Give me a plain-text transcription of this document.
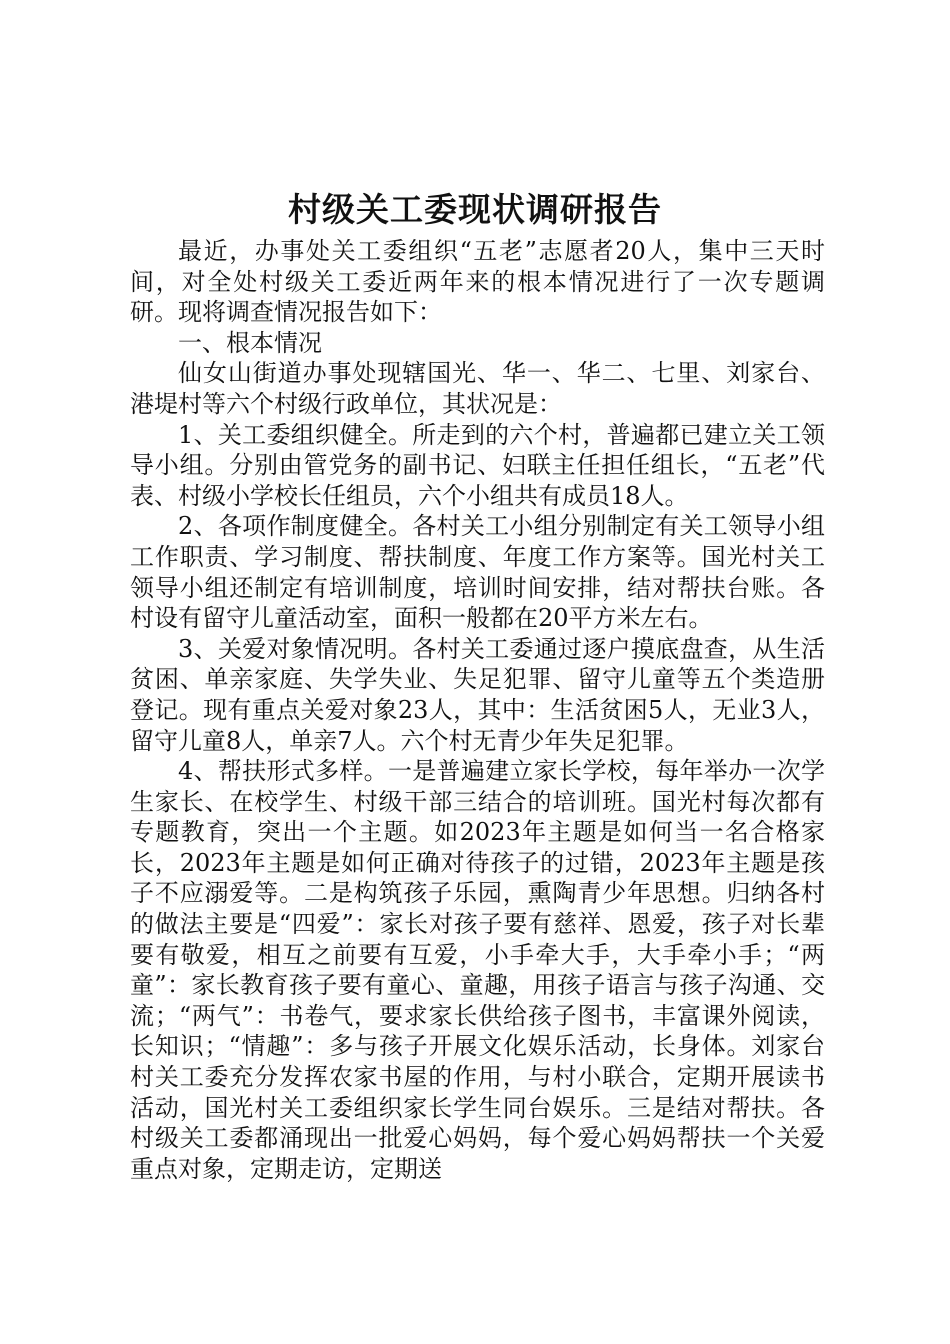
村级关工委现状调研报告

最近，办事处关工委组织“五老”志愿者20人，集中三天时间，对全处村级关工委近两年来的根本情况进行了一次专题调研。现将调查情况报告如下：

一、根本情况

仙女山街道办事处现辖国光、华一、华二、七里、刘家台、港堤村等六个村级行政单位，其状况是：

1、关工委组织健全。所走到的六个村，普遍都已建立关工领导小组。分别由管党务的副书记、妇联主任担任组长，“五老”代表、村级小学校长任组员，六个小组共有成员18人。

2、各项作制度健全。各村关工小组分别制定有关工领导小组工作职责、学习制度、帮扶制度、年度工作方案等。国光村关工领导小组还制定有培训制度，培训时间安排，结对帮扶台账。各村设有留守儿童活动室，面积一般都在20平方米左右。

3、关爱对象情况明。各村关工委通过逐户摸底盘查，从生活贫困、单亲家庭、失学失业、失足犯罪、留守儿童等五个类造册登记。现有重点关爱对象23人，其中：生活贫困5人，无业3人，留守儿童8人，单亲7人。六个村无青少年失足犯罪。

4、帮扶形式多样。一是普遍建立家长学校，每年举办一次学生家长、在校学生、村级干部三结合的培训班。国光村每次都有专题教育，突出一个主题。如2023年主题是如何当一名合格家长，2023年主题是如何正确对待孩子的过错，2023年主题是孩子不应溺爱等。二是构筑孩子乐园，熏陶青少年思想。归纳各村的做法主要是“四爱”：家长对孩子要有慈祥、恩爱，孩子对长辈要有敬爱，相互之前要有互爱，小手牵大手，大手牵小手；“两童”：家长教育孩子要有童心、童趣，用孩子语言与孩子沟通、交流；“两气”：书卷气，要求家长供给孩子图书，丰富课外阅读，长知识；“情趣”：多与孩子开展文化娱乐活动，长身体。刘家台村关工委充分发挥农家书屋的作用，与村小联合，定期开展读书活动，国光村关工委组织家长学生同台娱乐。三是结对帮扶。各村级关工委都涌现出一批爱心妈妈，每个爱心妈妈帮扶一个关爱重点对象，定期走访，定期送
